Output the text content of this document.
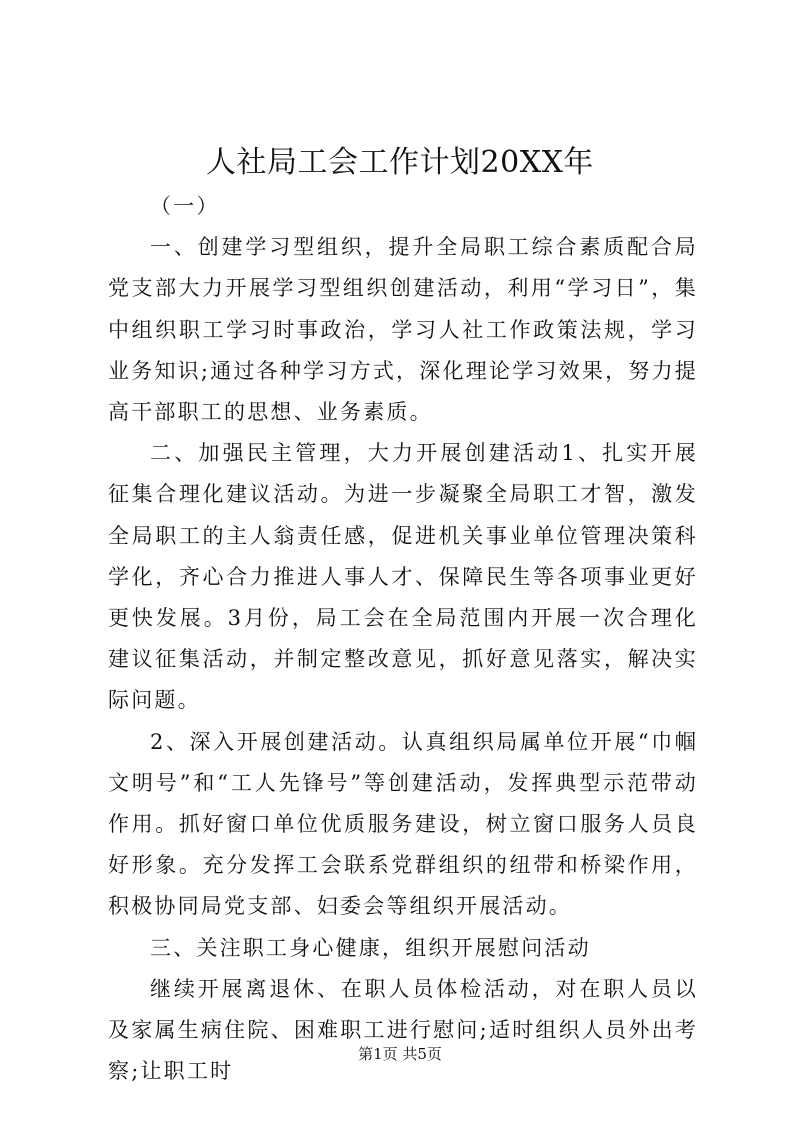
人社局工会工作计划20XX年

（一）

一、创建学习型组织，提升全局职工综合素质配合局党支部大力开展学习型组织创建活动，利用“学习日”，集中组织职工学习时事政治，学习人社工作政策法规，学习业务知识;通过各种学习方式，深化理论学习效果，努力提高干部职工的思想、业务素质。

二、加强民主管理，大力开展创建活动1、扎实开展征集合理化建议活动。为进一步凝聚全局职工才智，激发全局职工的主人翁责任感，促进机关事业单位管理决策科学化，齐心合力推进人事人才、保障民生等各项事业更好更快发展。3月份，局工会在全局范围内开展一次合理化建议征集活动，并制定整改意见，抓好意见落实，解决实际问题。

2、深入开展创建活动。认真组织局属单位开展“巾帼文明号”和“工人先锋号”等创建活动，发挥典型示范带动作用。抓好窗口单位优质服务建设，树立窗口服务人员良好形象。充分发挥工会联系党群组织的纽带和桥梁作用，积极协同局党支部、妇委会等组织开展活动。

三、关注职工身心健康，组织开展慰问活动

继续开展离退休、在职人员体检活动，对在职人员以及家属生病住院、困难职工进行慰问;适时组织人员外出考察;让职工时

第1页 共5页
